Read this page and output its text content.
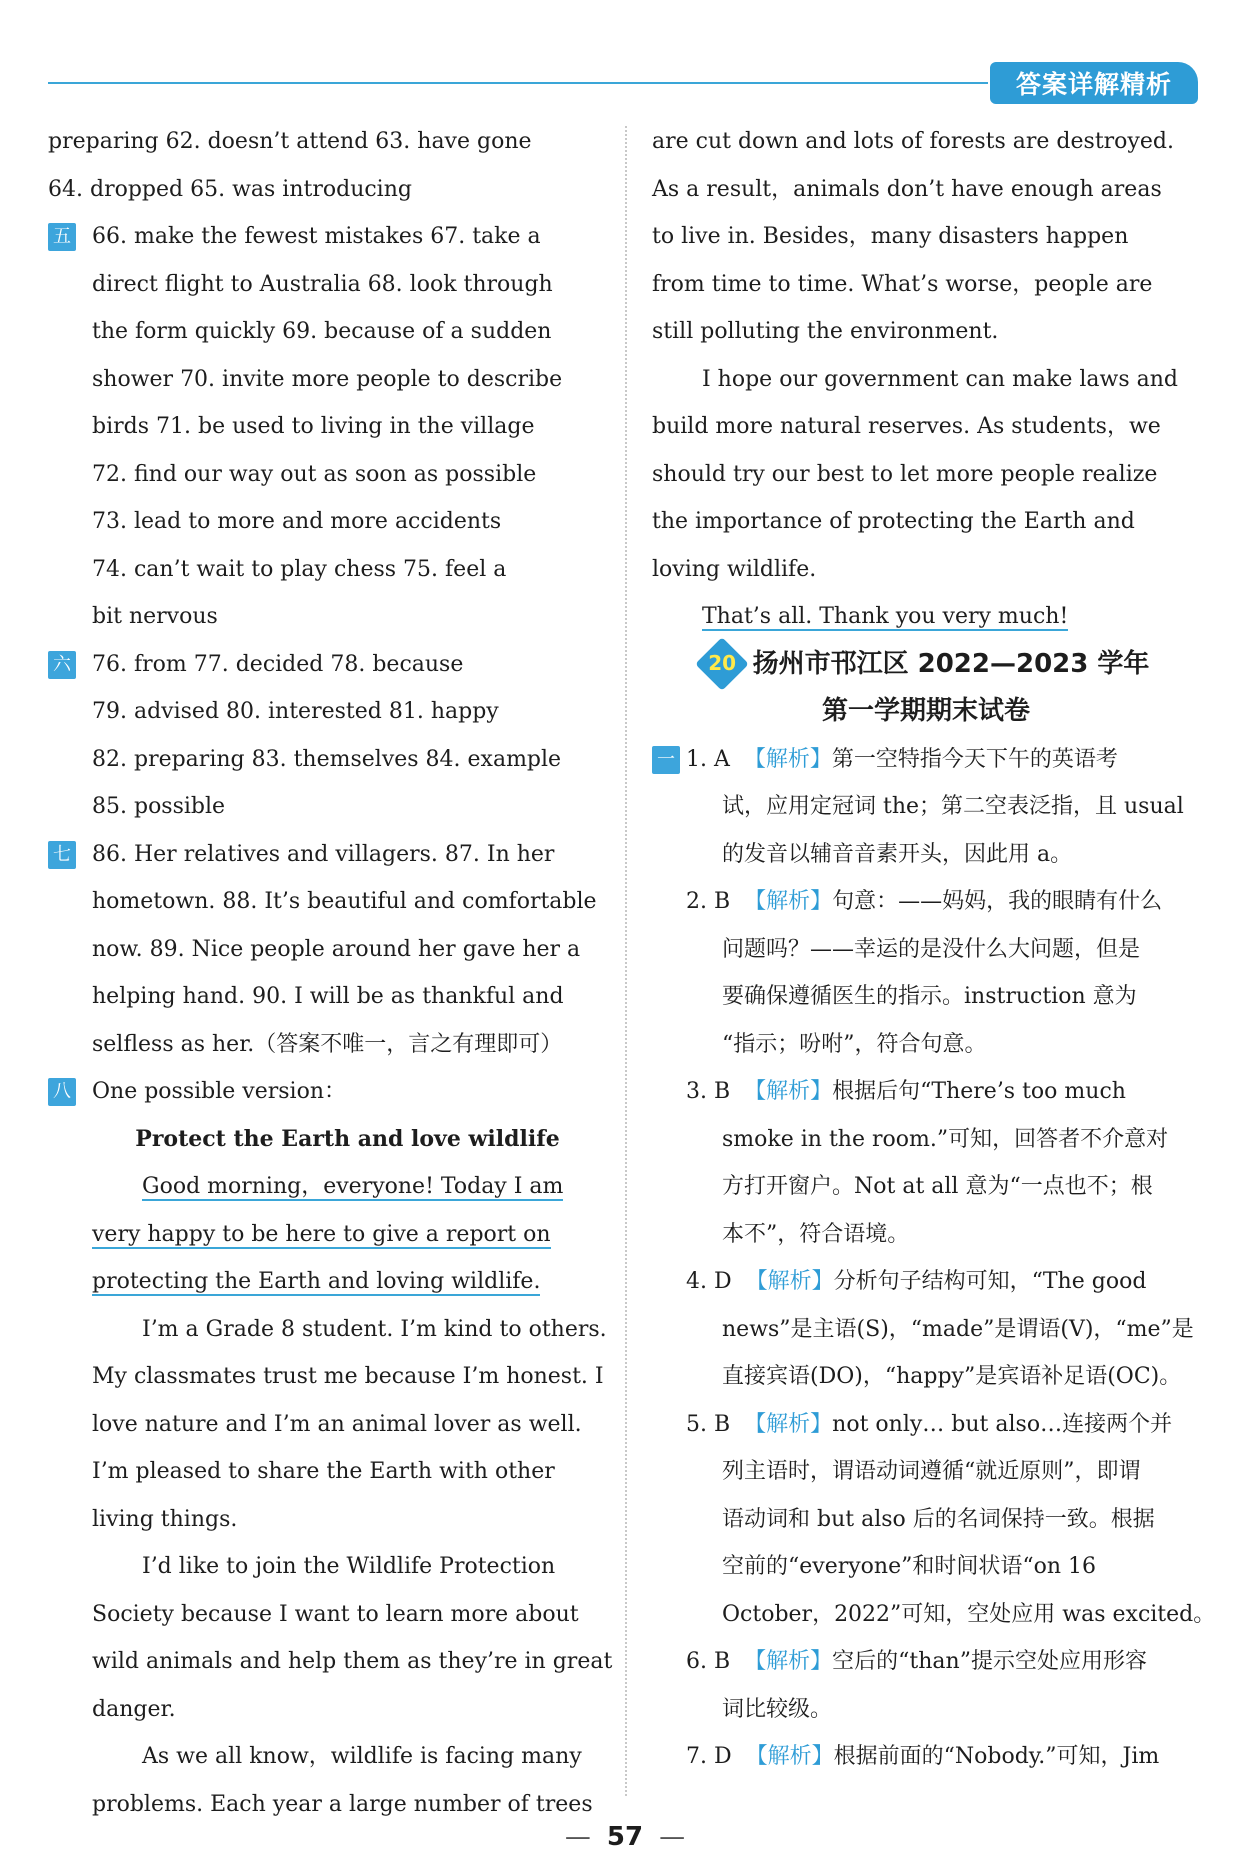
答案详解精析
preparing 62. doesn’t attend 63. have gone
64. dropped 65. was introducing
五 66. make the fewest mistakes 67. take a
direct flight to Australia 68. look through
the form quickly 69. because of a sudden
shower 70. invite more people to describe
birds 71. be used to living in the village
72. find our way out as soon as possible
73. lead to more and more accidents
74. can’t wait to play chess 75. feel a
bit nervous
六 76. from 77. decided 78. because
79. advised 80. interested 81. happy
82. preparing 83. themselves 84. example
85. possible
七 86. Her relatives and villagers. 87. In her
hometown. 88. It’s beautiful and comfortable
now. 89. Nice people around her gave her a
helping hand. 90. I will be as thankful and
selfless as her.（答案不唯一，言之有理即可）
八 One possible version：
Protect the Earth and love wildlife
Good morning，everyone! Today I am
very happy to be here to give a report on
protecting the Earth and loving wildlife.
I’m a Grade 8 student. I’m kind to others.
My classmates trust me because I’m honest. I
love nature and I’m an animal lover as well.
I’m pleased to share the Earth with other
living things.
I’d like to join the Wildlife Protection
Society because I want to learn more about
wild animals and help them as they’re in great
danger.
As we all know，wildlife is facing many
problems. Each year a large number of trees
are cut down and lots of forests are destroyed.
As a result，animals don’t have enough areas
to live in. Besides，many disasters happen
from time to time. What’s worse，people are
still polluting the environment.
I hope our government can make laws and
build more natural reserves. As students，we
should try our best to let more people realize
the importance of protecting the Earth and
loving wildlife.
That’s all. Thank you very much!
20 扬州市邗江区 2022—2023 学年
第一学期期末试卷
一 1. A 【解析】第一空特指今天下午的英语考
试，应用定冠词 the；第二空表泛指，且 usual
的发音以辅音音素开头，因此用 a。
2. B 【解析】句意：——妈妈，我的眼睛有什么
问题吗？——幸运的是没什么大问题，但是
要确保遵循医生的指示。instruction 意为
“指示；吩咐”，符合句意。
3. B 【解析】根据后句“There’s too much
smoke in the room.”可知，回答者不介意对
方打开窗户。Not at all 意为“一点也不；根
本不”，符合语境。
4. D 【解析】分析句子结构可知，“The good
news”是主语(S)，“made”是谓语(V)，“me”是
直接宾语(DO)，“happy”是宾语补足语(OC)。
5. B 【解析】not only… but also…连接两个并
列主语时，谓语动词遵循“就近原则”，即谓
语动词和 but also 后的名词保持一致。根据
空前的“everyone”和时间状语“on 16
October，2022”可知，空处应用 was excited。
6. B 【解析】空后的“than”提示空处应用形容
词比较级。
7. D 【解析】根据前面的“Nobody.”可知，Jim
— 57 —
